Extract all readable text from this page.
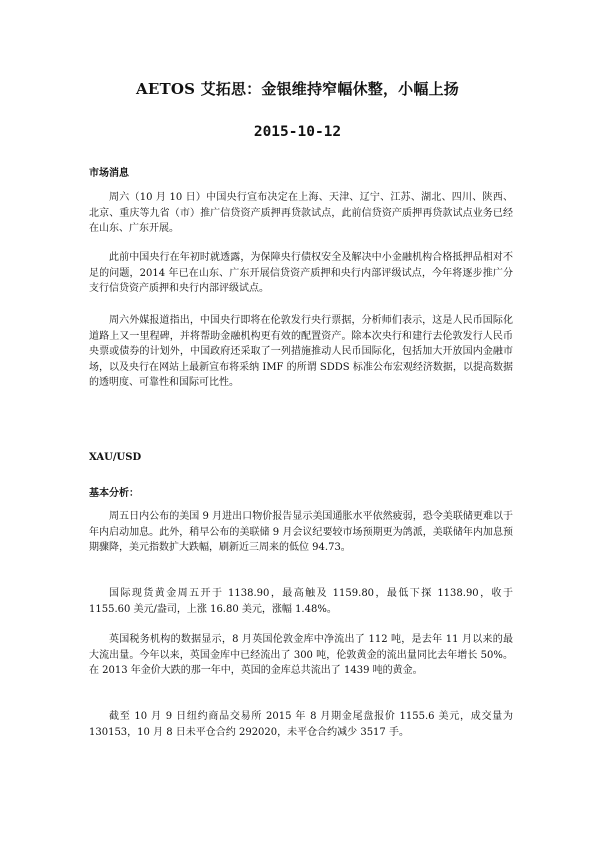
AETOS 艾拓思：金银维持窄幅休整，小幅上扬
2015-10-12
市场消息

周六（10 月 10 日）中国央行宣布决定在上海、天津、辽宁、江苏、湖北、四川、陕西、北京、重庆等九省（市）推广信贷资产质押再贷款试点，此前信贷资产质押再贷款试点业务已经在山东、广东开展。

此前中国央行在年初时就透露，为保障央行债权安全及解决中小金融机构合格抵押品相对不足的问题，2014 年已在山东、广东开展信贷资产质押和央行内部评级试点，今年将逐步推广分支行信贷资产质押和央行内部评级试点。

周六外媒报道指出，中国央行即将在伦敦发行央行票据，分析师们表示，这是人民币国际化道路上又一里程碑，并将帮助金融机构更有效的配置资产。除本次央行和建行去伦敦发行人民币央票或债券的计划外，中国政府还采取了一列措施推动人民币国际化，包括加大开放国内金融市场，以及央行在网站上最新宣布将采纳 IMF 的所谓 SDDS 标准公布宏观经济数据，以提高数据的透明度、可靠性和国际可比性。

XAU/USD
基本分析：

周五日内公布的美国 9 月进出口物价报告显示美国通胀水平依然疲弱，恐令美联储更难以于年内启动加息。此外，稍早公布的美联储 9 月会议纪要较市场预期更为鸽派，美联储年内加息预期骤降，美元指数扩大跌幅，刷新近三周来的低位 94.73。

国际现货黄金周五开于 1138.90，最高触及 1159.80，最低下探 1138.90，收于 1155.60 美元/盎司，上涨 16.80 美元，涨幅 1.48%。

英国税务机构的数据显示，8 月英国伦敦金库中净流出了 112 吨，是去年 11 月以来的最大流出量。今年以来，英国金库中已经流出了 300 吨，伦敦黄金的流出量同比去年增长 50%。在 2013 年金价大跌的那一年中，英国的金库总共流出了 1439 吨的黄金。

截至 10 月 9 日纽约商品交易所 2015 年 8 月期金尾盘报价 1155.6 美元，成交量为 130153，10 月 8 日未平仓合约 292020，未平仓合约减少 3517 手。
